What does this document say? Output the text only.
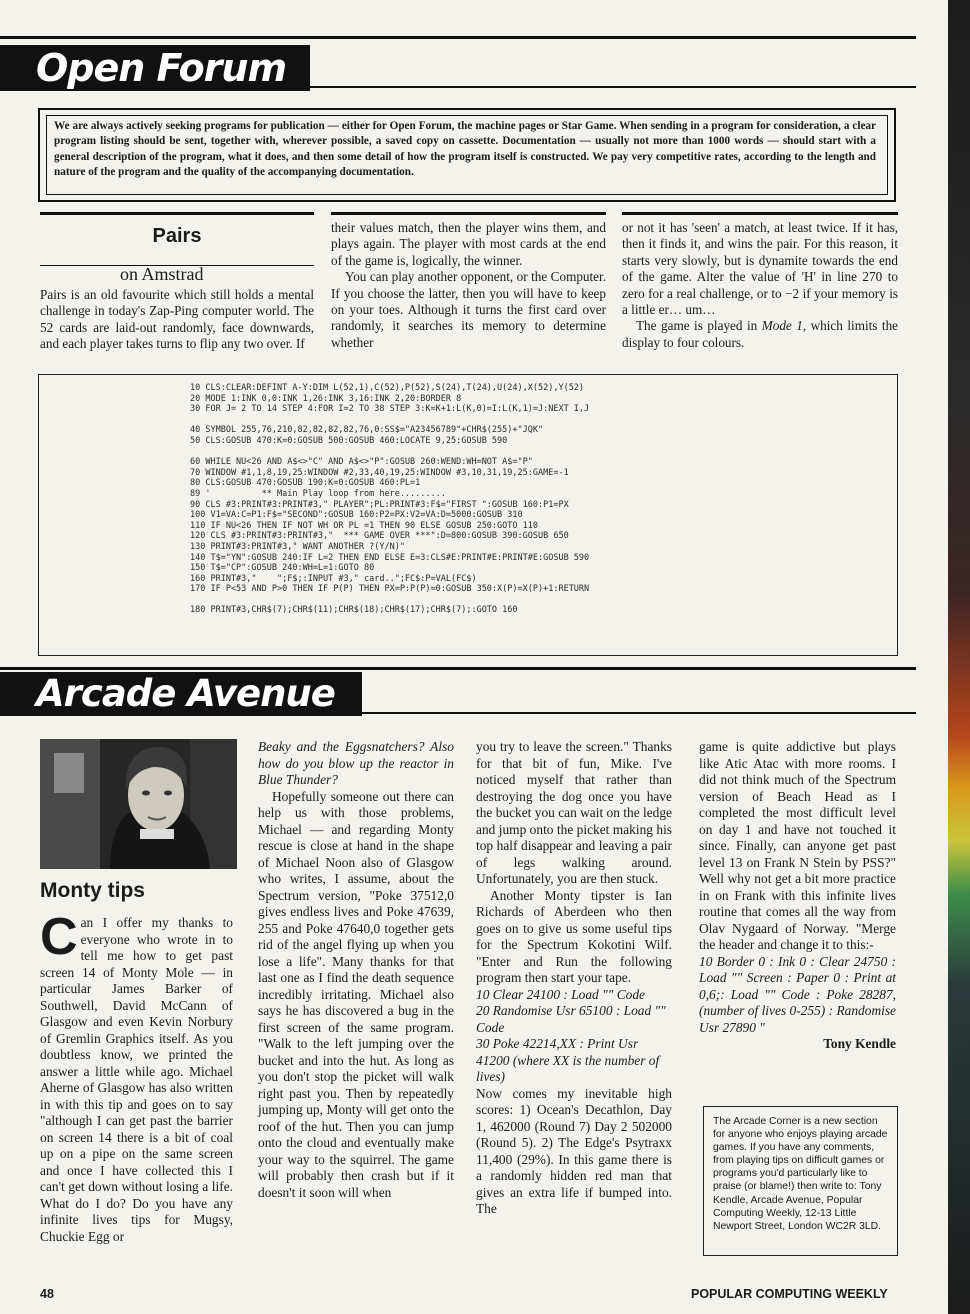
Open Forum

We are always actively seeking programs for publication — either for Open Forum, the machine pages or Star Game. When sending in a program for consideration, a clear program listing should be sent, together with, wherever possible, a saved copy on cassette. Documentation — usually not more than 1000 words — should start with a general description of the program, what it does, and then some detail of how the program itself is constructed. We pay very competitive rates, according to the length and nature of the program and the quality of the accompanying documentation.

Pairs
on Amstrad

Pairs is an old favourite which still holds a mental challenge in today's Zap-Ping computer world. The 52 cards are laid-out randomly, face downwards, and each player takes turns to flip any two over. If

their values match, then the player wins them, and plays again. The player with most cards at the end of the game is, logically, the winner.

You can play another opponent, or the Computer. If you choose the latter, then you will have to keep on your toes. Although it turns the first card over randomly, it searches its memory to determine whether

or not it has 'seen' a match, at least twice. If it has, then it finds it, and wins the pair. For this reason, it starts very slowly, but is dynamite towards the end of the game. Alter the value of 'H' in line 270 to zero for a real challenge, or to −2 if your memory is a little er… um…

The game is played in Mode 1, which limits the display to four colours.

10 CLS:CLEAR:DEFINT A-Y:DIM L(52,1),C(52),P(52),S(24),T(24),U(24),X(52),Y(52)
20 MODE 1:INK 0,0:INK 1,26:INK 3,16:INK 2,20:BORDER 8
30 FOR J= 2 TO 14 STEP 4:FOR I=2 TO 38 STEP 3:K=K+1:L(K,0)=I:L(K,1)=J:NEXT I,J

40 SYMBOL 255,76,210,82,82,82,82,76,0:SS$="A23456789"+CHR$(255)+"JQK"
50 CLS:GOSUB 470:K=0:GOSUB 500:GOSUB 460:LOCATE 9,25:GOSUB 590

60 WHILE NU<26 AND A$<>"C" AND A$<>"P":GOSUB 260:WEND:WH=NOT A$="P"
70 WINDOW #1,1,8,19,25:WINDOW #2,33,40,19,25:WINDOW #3,10,31,19,25:GAME=-1
80 CLS:GOSUB 470:GOSUB 190:K=0:GOSUB 460:PL=1
89 '          ** Main Play loop from here.........
90 CLS #3:PRINT#3:PRINT#3," PLAYER";PL:PRINT#3:F$="FIRST ":GOSUB 160:P1=PX
100 V1=VA:C=P1:F$="SECOND":GOSUB 160:P2=PX:V2=VA:D=5000:GOSUB 310
110 IF NU<26 THEN IF NOT WH OR PL =1 THEN 90 ELSE GOSUB 250:GOTO 110
120 CLS #3:PRINT#3:PRINT#3,"  *** GAME OVER ***":D=800:GOSUB 390:GOSUB 650
130 PRINT#3:PRINT#3," WANT ANOTHER ?(Y/N)"
140 T$="YN":GOSUB 240:IF L=2 THEN END ELSE E=3:CLS#E:PRINT#E:PRINT#E:GOSUB 590
150 T$="CP":GOSUB 240:WH=L=1:GOTO 80
160 PRINT#3,"    ";F$;:INPUT #3," card..";FC$:P=VAL(FC$)
170 IF P<53 AND P>0 THEN IF P(P) THEN PX=P:P(P)=0:GOSUB 350:X(P)=X(P)+1:RETURN

180 PRINT#3,CHR$(7);CHR$(11);CHR$(18);CHR$(17);CHR$(7);:GOTO 160
Arcade Avenue
Monty tips

Can I offer my thanks to everyone who wrote in to tell me how to get past screen 14 of Monty Mole — in particular James Barker of Southwell, David McCann of Glasgow and even Kevin Norbury of Gremlin Graphics itself. As you doubtless know, we printed the answer a little while ago. Michael Aherne of Glasgow has also written in with this tip and goes on to say "although I can get past the barrier on screen 14 there is a bit of coal up on a pipe on the same screen and once I have collected this I can't get down without losing a life. What do I do? Do you have any infinite lives tips for Mugsy, Chuckie Egg or

Beaky and the Eggsnatchers? Also how do you blow up the reactor in Blue Thunder?

Hopefully someone out there can help us with those problems, Michael — and regarding Monty rescue is close at hand in the shape of Michael Noon also of Glasgow who writes, I assume, about the Spectrum version, "Poke 37512,0 gives endless lives and Poke 47639, 255 and Poke 47640,0 together gets rid of the angel flying up when you lose a life". Many thanks for that last one as I find the death sequence incredibly irritating. Michael also says he has discovered a bug in the first screen of the same program. "Walk to the left jumping over the bucket and into the hut. As long as you don't stop the picket will walk right past you. Then by repeatedly jumping up, Monty will get onto the roof of the hut. Then you can jump onto the cloud and eventually make your way to the squirrel. The game will probably then crash but if it doesn't it soon will when

you try to leave the screen." Thanks for that bit of fun, Mike. I've noticed myself that rather than destroying the dog once you have the bucket you can wait on the ledge and jump onto the picket making his top half disappear and leaving a pair of legs walking around. Unfortunately, you are then stuck.

Another Monty tipster is Ian Richards of Aberdeen who then goes on to give us some useful tips for the Spectrum Kokotini Wilf. "Enter and Run the following program then start your tape.

10 Clear 24100 : Load "" Code

20 Randomise Usr 65100 : Load "" Code

30 Poke 42214,XX : Print Usr 41200 (where XX is the number of lives)

Now comes my inevitable high scores: 1) Ocean's Decathlon, Day 1, 462000 (Round 7) Day 2 502000 (Round 5). 2) The Edge's Psytraxx 11,400 (29%). In this game there is a randomly hidden red man that gives an extra life if bumped into. The

game is quite addictive but plays like Atic Atac with more rooms. I did not think much of the Spectrum version of Beach Head as I completed the most difficult level on day 1 and have not touched it since. Finally, can anyone get past level 13 on Frank N Stein by PSS?" Well why not get a bit more practice in on Frank with this infinite lives routine that comes all the way from Olav Nygaard of Norway. "Merge the header and change it to this:-

10 Border 0 : Ink 0 : Clear 24750 : Load "" Screen : Paper 0 : Print at 0,6;: Load "" Code : Poke 28287, (number of lives 0-255) : Randomise Usr 27890 "

Tony Kendle

The Arcade Corner is a new section for anyone who enjoys playing arcade games. If you have any comments, from playing tips on difficult games or programs you'd particularly like to praise (or blame!) then write to: Tony Kendle, Arcade Avenue, Popular Computing Weekly, 12-13 Little Newport Street, London WC2R 3LD.

48	POPULAR COMPUTING WEEKLY
